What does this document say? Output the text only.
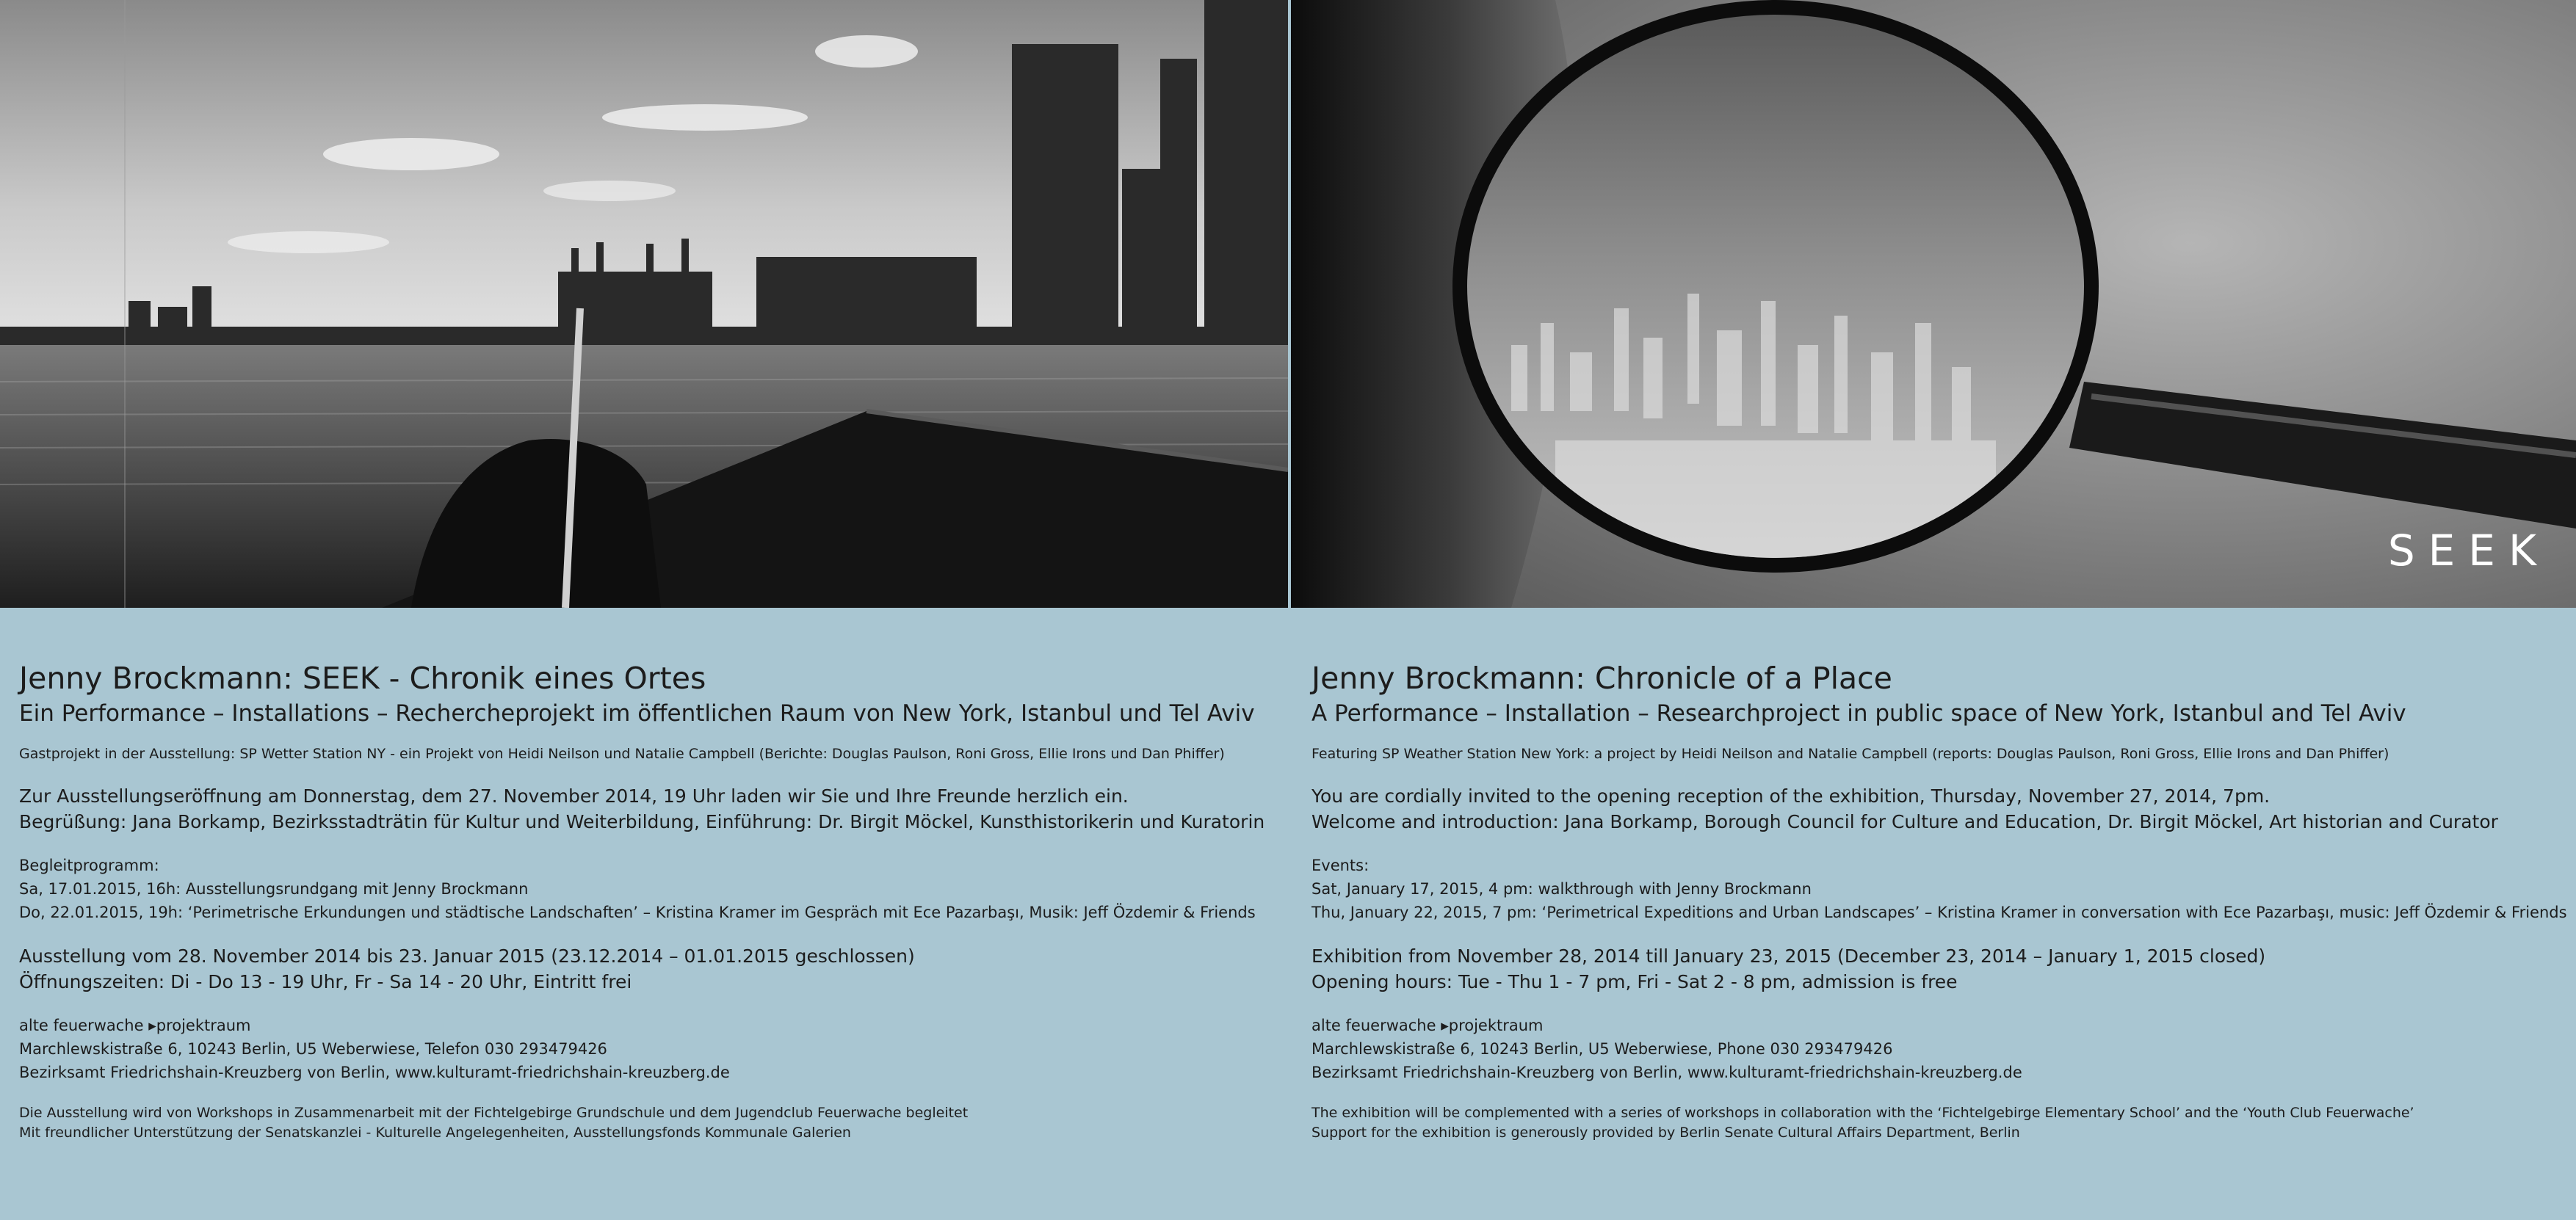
SEEK

Jenny Brockmann: SEEK - Chronik eines Ortes

Ein Performance – Installations – Rechercheprojekt im öffentlichen Raum von New York, Istanbul und Tel Aviv

Gastprojekt in der Ausstellung: SP Wetter Station NY - ein Projekt von Heidi Neilson und Natalie Campbell (Berichte: Douglas Paulson, Roni Gross, Ellie Irons und Dan Phiffer)

Zur Ausstellungseröffnung am Donnerstag, dem 27. November 2014, 19 Uhr laden wir Sie und Ihre Freunde herzlich ein.

Begrüßung: Jana Borkamp, Bezirksstadträtin für Kultur und Weiterbildung, Einführung: Dr. Birgit Möckel, Kunsthistorikerin und Kuratorin

Begleitprogramm:

Sa, 17.01.2015, 16h: Ausstellungsrundgang mit Jenny Brockmann

Do, 22.01.2015, 19h: ‘Perimetrische Erkundungen und städtische Landschaften’ – Kristina Kramer im Gespräch mit Ece Pazarbaşı, Musik: Jeff Özdemir & Friends

Ausstellung vom 28. November 2014 bis 23. Januar 2015 (23.12.2014 – 01.01.2015 geschlossen)

Öffnungszeiten: Di - Do 13 - 19 Uhr, Fr - Sa 14 - 20 Uhr, Eintritt frei

alte feuerwache ▸projektraum

Marchlewskistraße 6, 10243 Berlin, U5 Weberwiese, Telefon 030 293479426

Bezirksamt Friedrichshain-Kreuzberg von Berlin, www.kulturamt-friedrichshain-kreuzberg.de

Die Ausstellung wird von Workshops in Zusammenarbeit mit der Fichtelgebirge Grundschule und dem Jugendclub Feuerwache begleitet

Mit freundlicher Unterstützung der Senatskanzlei - Kulturelle Angelegenheiten, Ausstellungsfonds Kommunale Galerien

Jenny Brockmann: Chronicle of a Place

A Performance – Installation – Researchproject in public space of New York, Istanbul and Tel Aviv

Featuring SP Weather Station New York: a project by Heidi Neilson and Natalie Campbell (reports: Douglas Paulson, Roni Gross, Ellie Irons and Dan Phiffer)

You are cordially invited to the opening reception of the exhibition, Thursday, November 27, 2014, 7pm.

Welcome and introduction: Jana Borkamp, Borough Council for Culture and Education, Dr. Birgit Möckel, Art historian and Curator

Events:

Sat, January 17, 2015, 4 pm: walkthrough with Jenny Brockmann

Thu, January 22, 2015, 7 pm: ‘Perimetrical Expeditions and Urban Landscapes’ – Kristina Kramer in conversation with Ece Pazarbaşı, music: Jeff Özdemir & Friends

Exhibition from November 28, 2014 till January 23, 2015 (December 23, 2014 – January 1, 2015 closed)

Opening hours: Tue - Thu 1 - 7 pm, Fri - Sat 2 - 8 pm, admission is free

alte feuerwache ▸projektraum

Marchlewskistraße 6, 10243 Berlin, U5 Weberwiese, Phone 030 293479426

Bezirksamt Friedrichshain-Kreuzberg von Berlin, www.kulturamt-friedrichshain-kreuzberg.de

The exhibition will be complemented with a series of workshops in collaboration with the ‘Fichtelgebirge Elementary School’ and the ‘Youth Club Feuerwache’

Support for the exhibition is generously provided by Berlin Senate Cultural Affairs Department, Berlin
